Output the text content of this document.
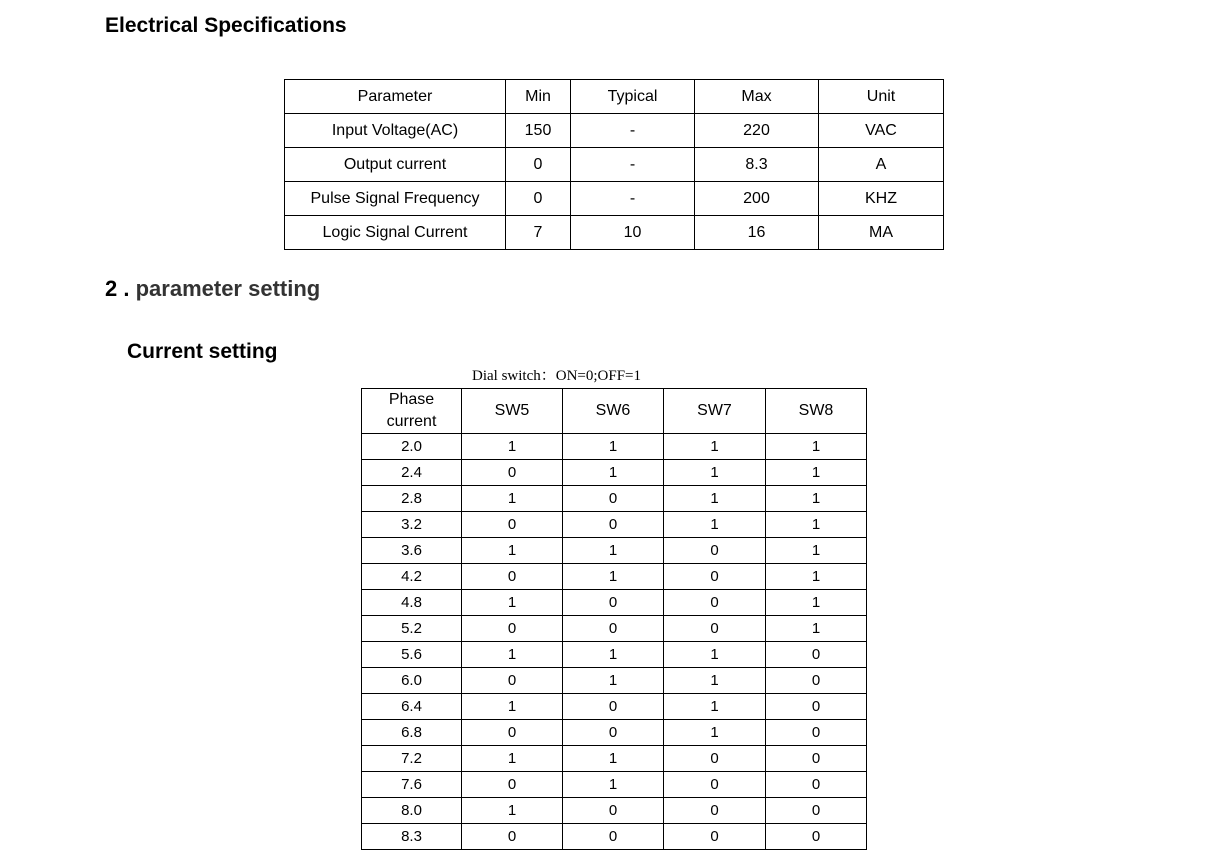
Electrical Specifications
Parameter	Min	Typical	Max	Unit
Input Voltage(AC)	150	-	220	VAC
Output current	0	-	8.3	A
Pulse Signal Frequency	0	-	200	KHZ
Logic Signal Current	7	10	16	MA
2 . parameter setting
Current setting
Dial switch：ON=0;OFF=1
Phase
current	SW5	SW6	SW7	SW8
2.0	1	1	1	1
2.4	0	1	1	1
2.8	1	0	1	1
3.2	0	0	1	1
3.6	1	1	0	1
4.2	0	1	0	1
4.8	1	0	0	1
5.2	0	0	0	1
5.6	1	1	1	0
6.0	0	1	1	0
6.4	1	0	1	0
6.8	0	0	1	0
7.2	1	1	0	0
7.6	0	1	0	0
8.0	1	0	0	0
8.3	0	0	0	0
